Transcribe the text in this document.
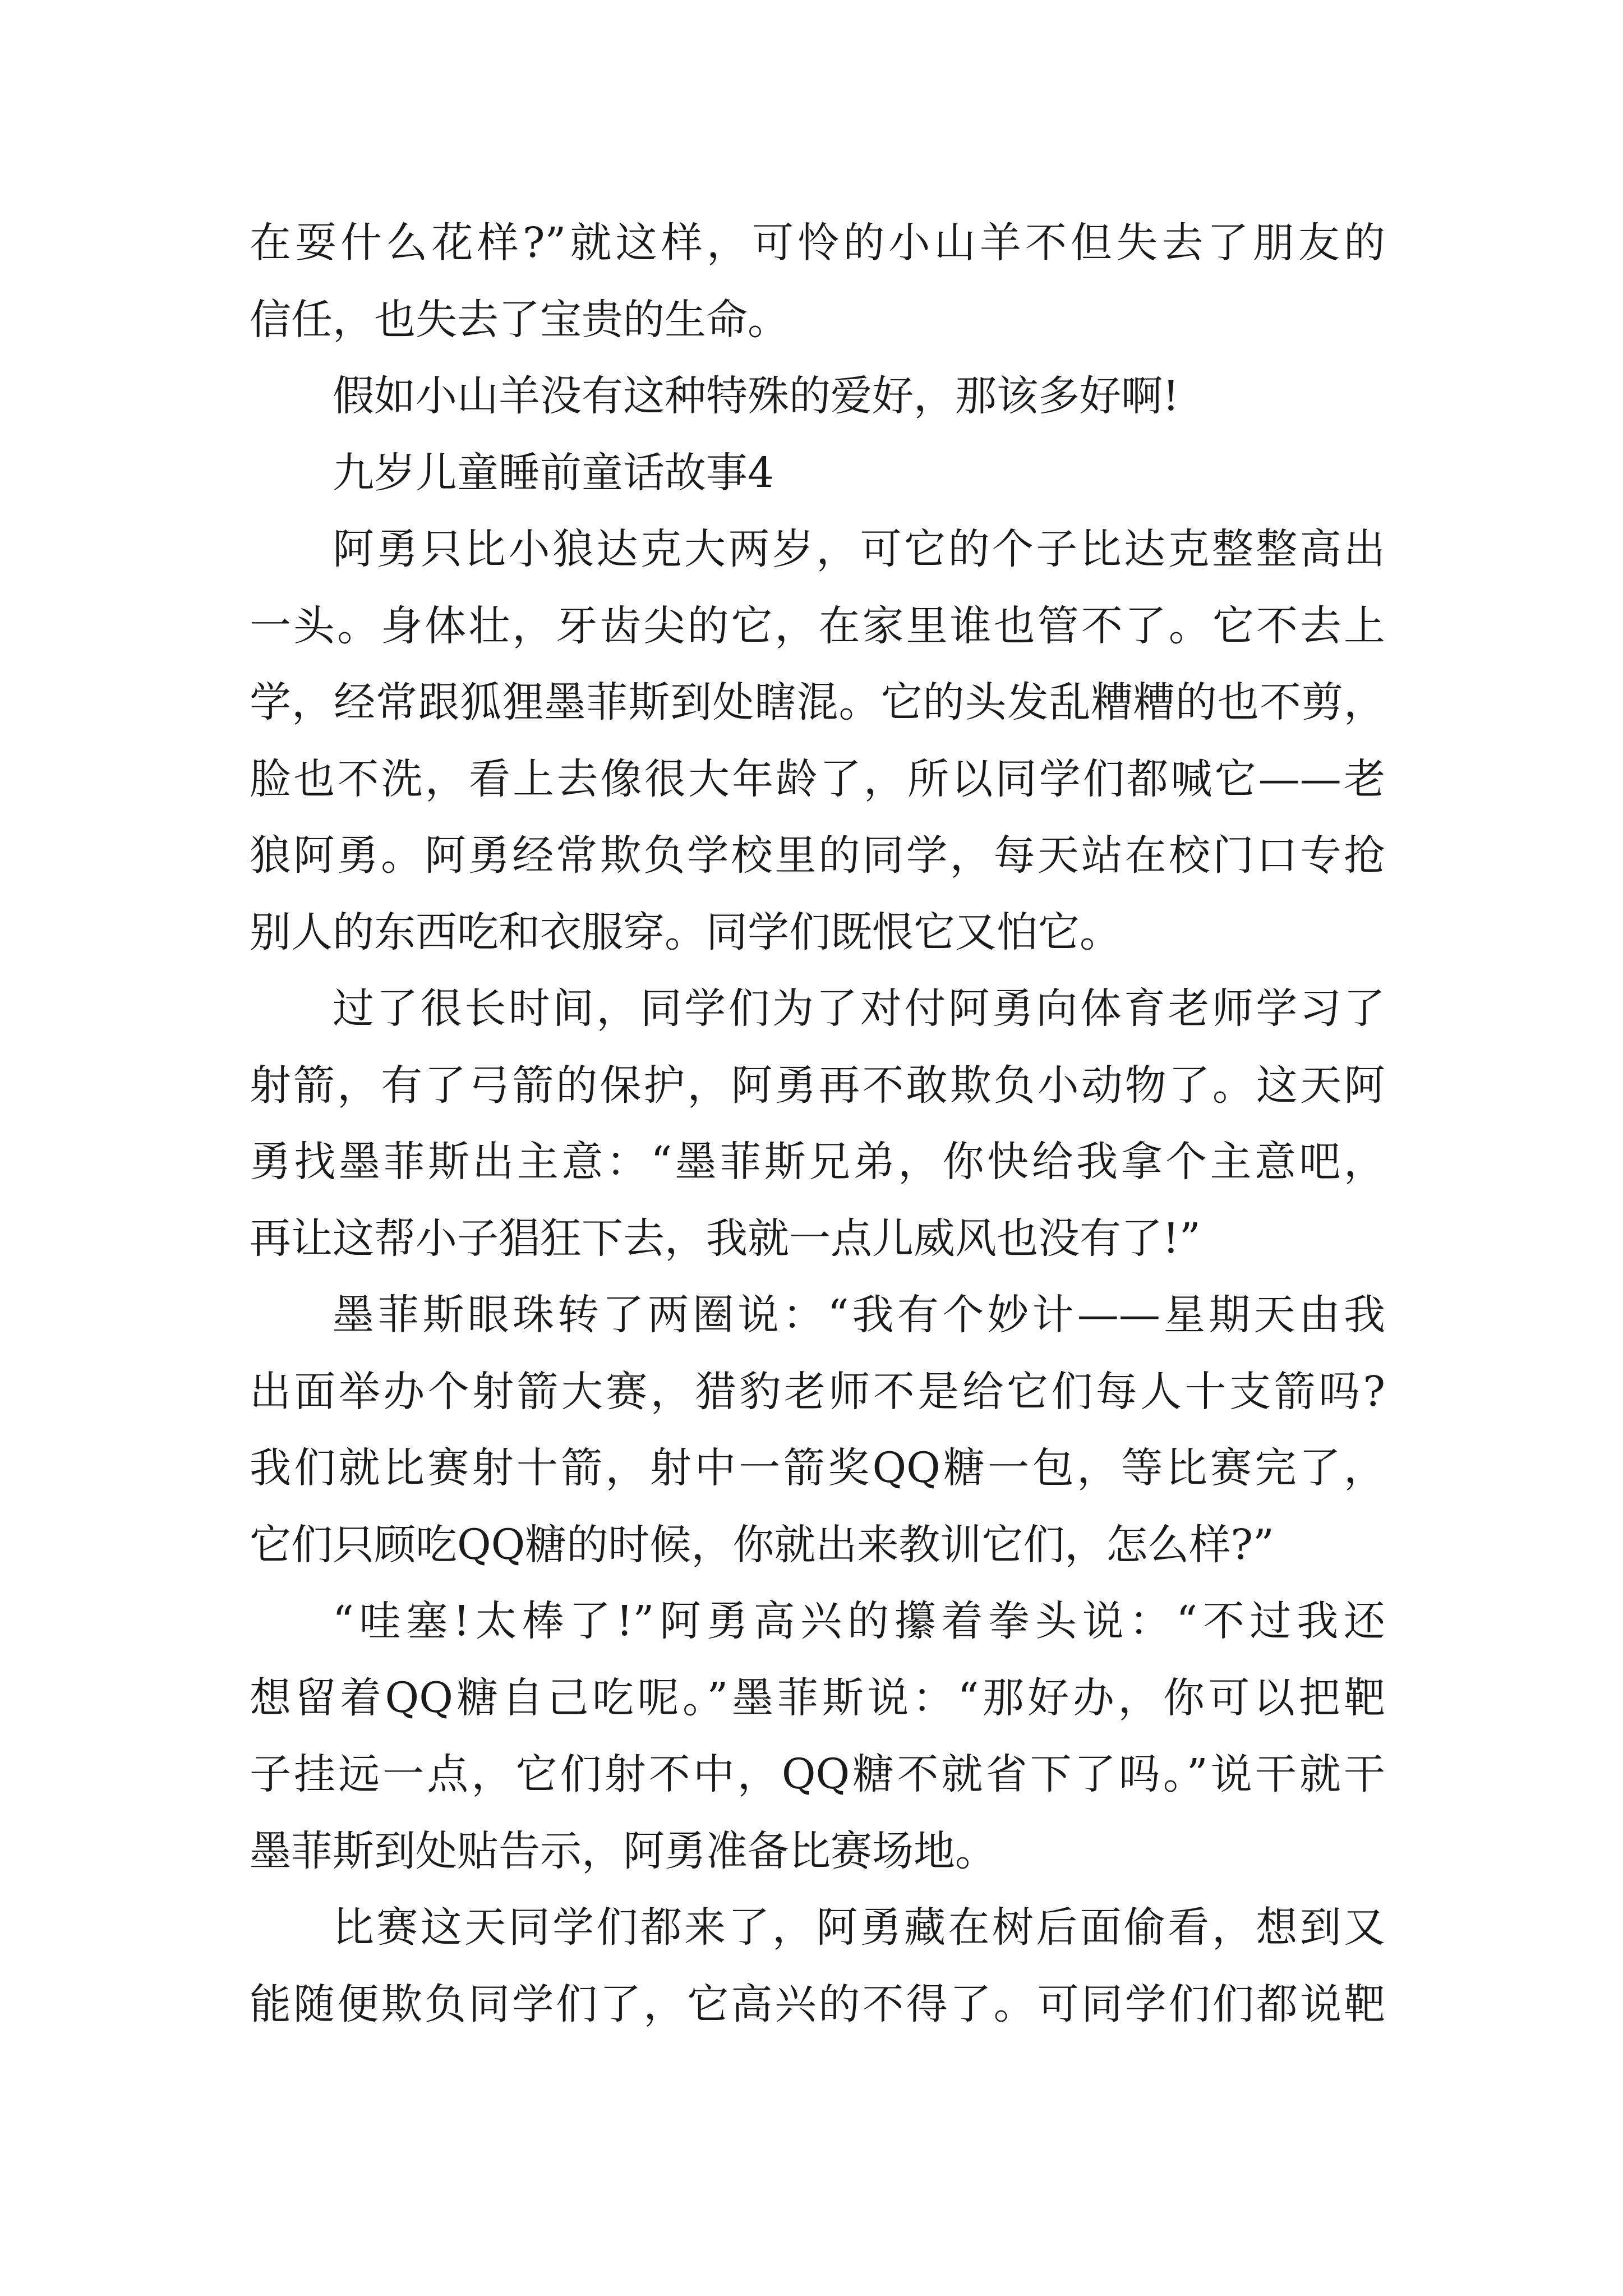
在耍什么花样?”就这样，可怜的小山羊不但失去了朋友的
信任，也失去了宝贵的生命。
假如小山羊没有这种特殊的爱好，那该多好啊!
九岁儿童睡前童话故事4
阿勇只比小狼达克大两岁，可它的个子比达克整整高出
一头。身体壮，牙齿尖的它，在家里谁也管不了。它不去上
学，经常跟狐狸墨菲斯到处瞎混。它的头发乱糟糟的也不剪，
脸也不洗，看上去像很大年龄了，所以同学们都喊它——老
狼阿勇。阿勇经常欺负学校里的同学，每天站在校门口专抢
别人的东西吃和衣服穿。同学们既恨它又怕它。
过了很长时间，同学们为了对付阿勇向体育老师学习了
射箭，有了弓箭的保护，阿勇再不敢欺负小动物了。这天阿
勇找墨菲斯出主意：“墨菲斯兄弟，你快给我拿个主意吧，
再让这帮小子猖狂下去，我就一点儿威风也没有了!”
墨菲斯眼珠转了两圈说：“我有个妙计——星期天由我
出面举办个射箭大赛，猎豹老师不是给它们每人十支箭吗?
我们就比赛射十箭，射中一箭奖QQ糖一包，等比赛完了，
它们只顾吃QQ糖的时候，你就出来教训它们，怎么样?”
“哇塞!太棒了!”阿勇高兴的攥着拳头说：“不过我还
想留着QQ糖自己吃呢。”墨菲斯说：“那好办，你可以把靶
子挂远一点，它们射不中，QQ糖不就省下了吗。”说干就干
墨菲斯到处贴告示，阿勇准备比赛场地。
比赛这天同学们都来了，阿勇藏在树后面偷看，想到又
能随便欺负同学们了，它高兴的不得了。可同学们们都说靶
